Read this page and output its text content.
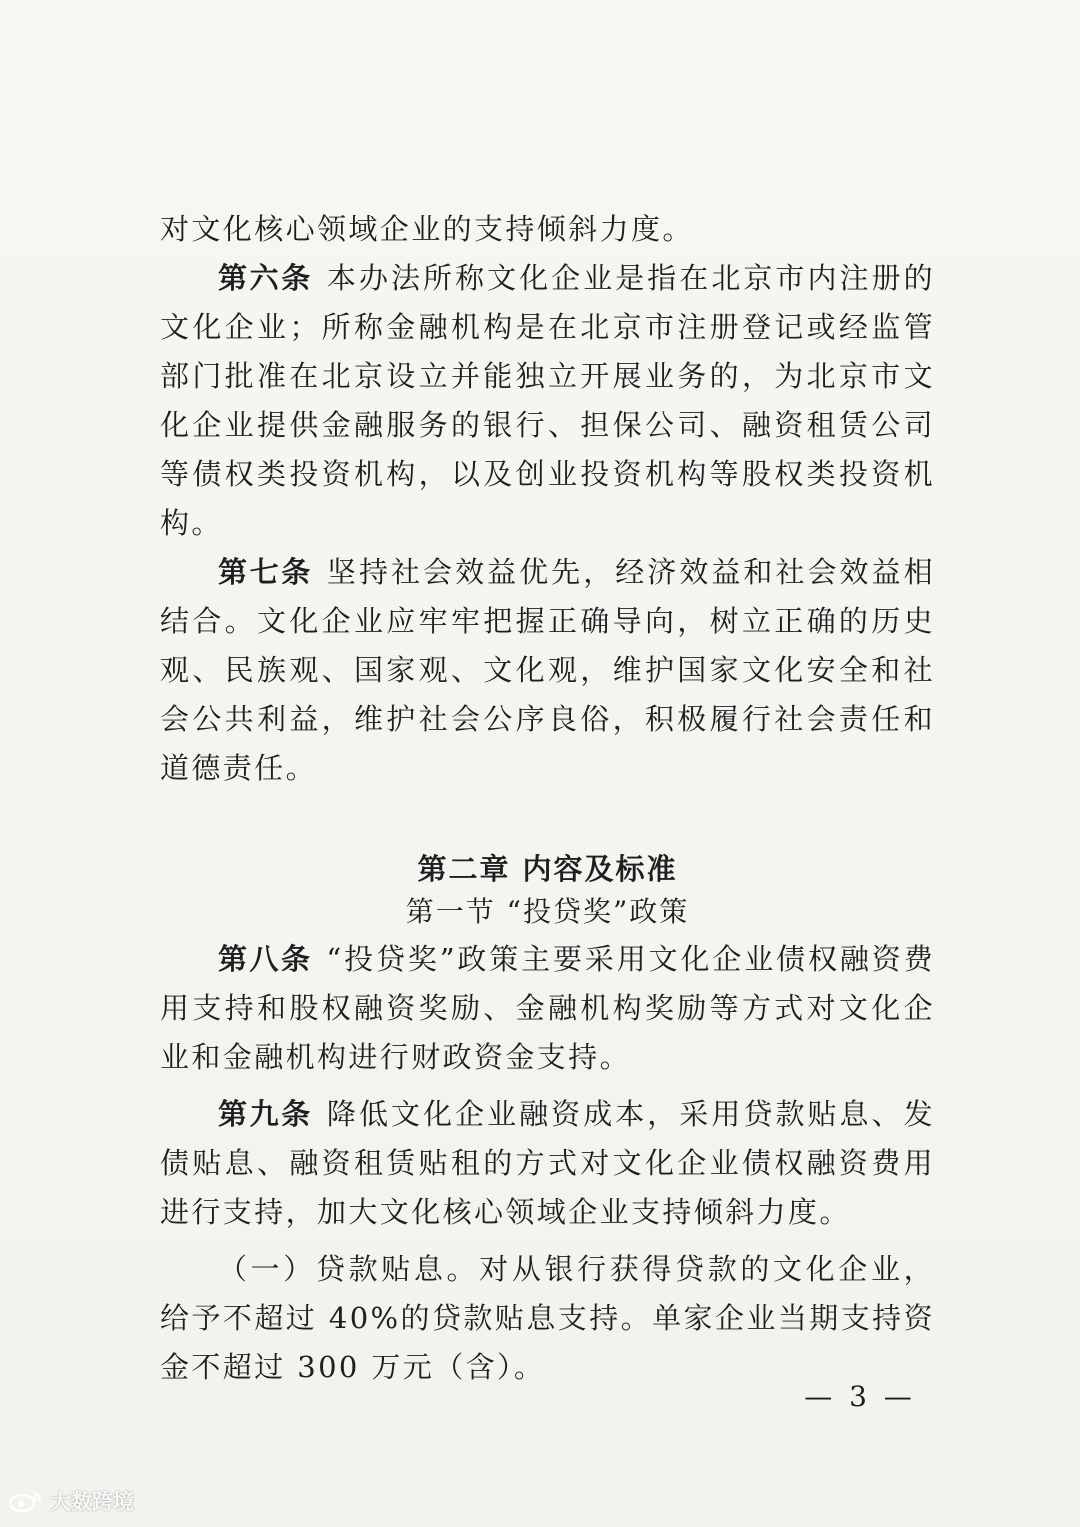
对文化核心领域企业的支持倾斜力度。

第六条 本办法所称文化企业是指在北京市内注册的文化企业；所称金融机构是在北京市注册登记或经监管部门批准在北京设立并能独立开展业务的，为北京市文化企业提供金融服务的银行、担保公司、融资租赁公司等债权类投资机构，以及创业投资机构等股权类投资机构。

第七条 坚持社会效益优先，经济效益和社会效益相结合。文化企业应牢牢把握正确导向，树立正确的历史观、民族观、国家观、文化观，维护国家文化安全和社会公共利益，维护社会公序良俗，积极履行社会责任和道德责任。

第二章 内容及标准

第一节 “投贷奖”政策

第八条 “投贷奖”政策主要采用文化企业债权融资费用支持和股权融资奖励、金融机构奖励等方式对文化企业和金融机构进行财政资金支持。

第九条 降低文化企业融资成本，采用贷款贴息、发债贴息、融资租赁贴租的方式对文化企业债权融资费用进行支持，加大文化核心领域企业支持倾斜力度。

（一）贷款贴息。对从银行获得贷款的文化企业，给予不超过 40%的贷款贴息支持。单家企业当期支持资金不超过 300 万元（含）。

— 3 —
大数跨境
